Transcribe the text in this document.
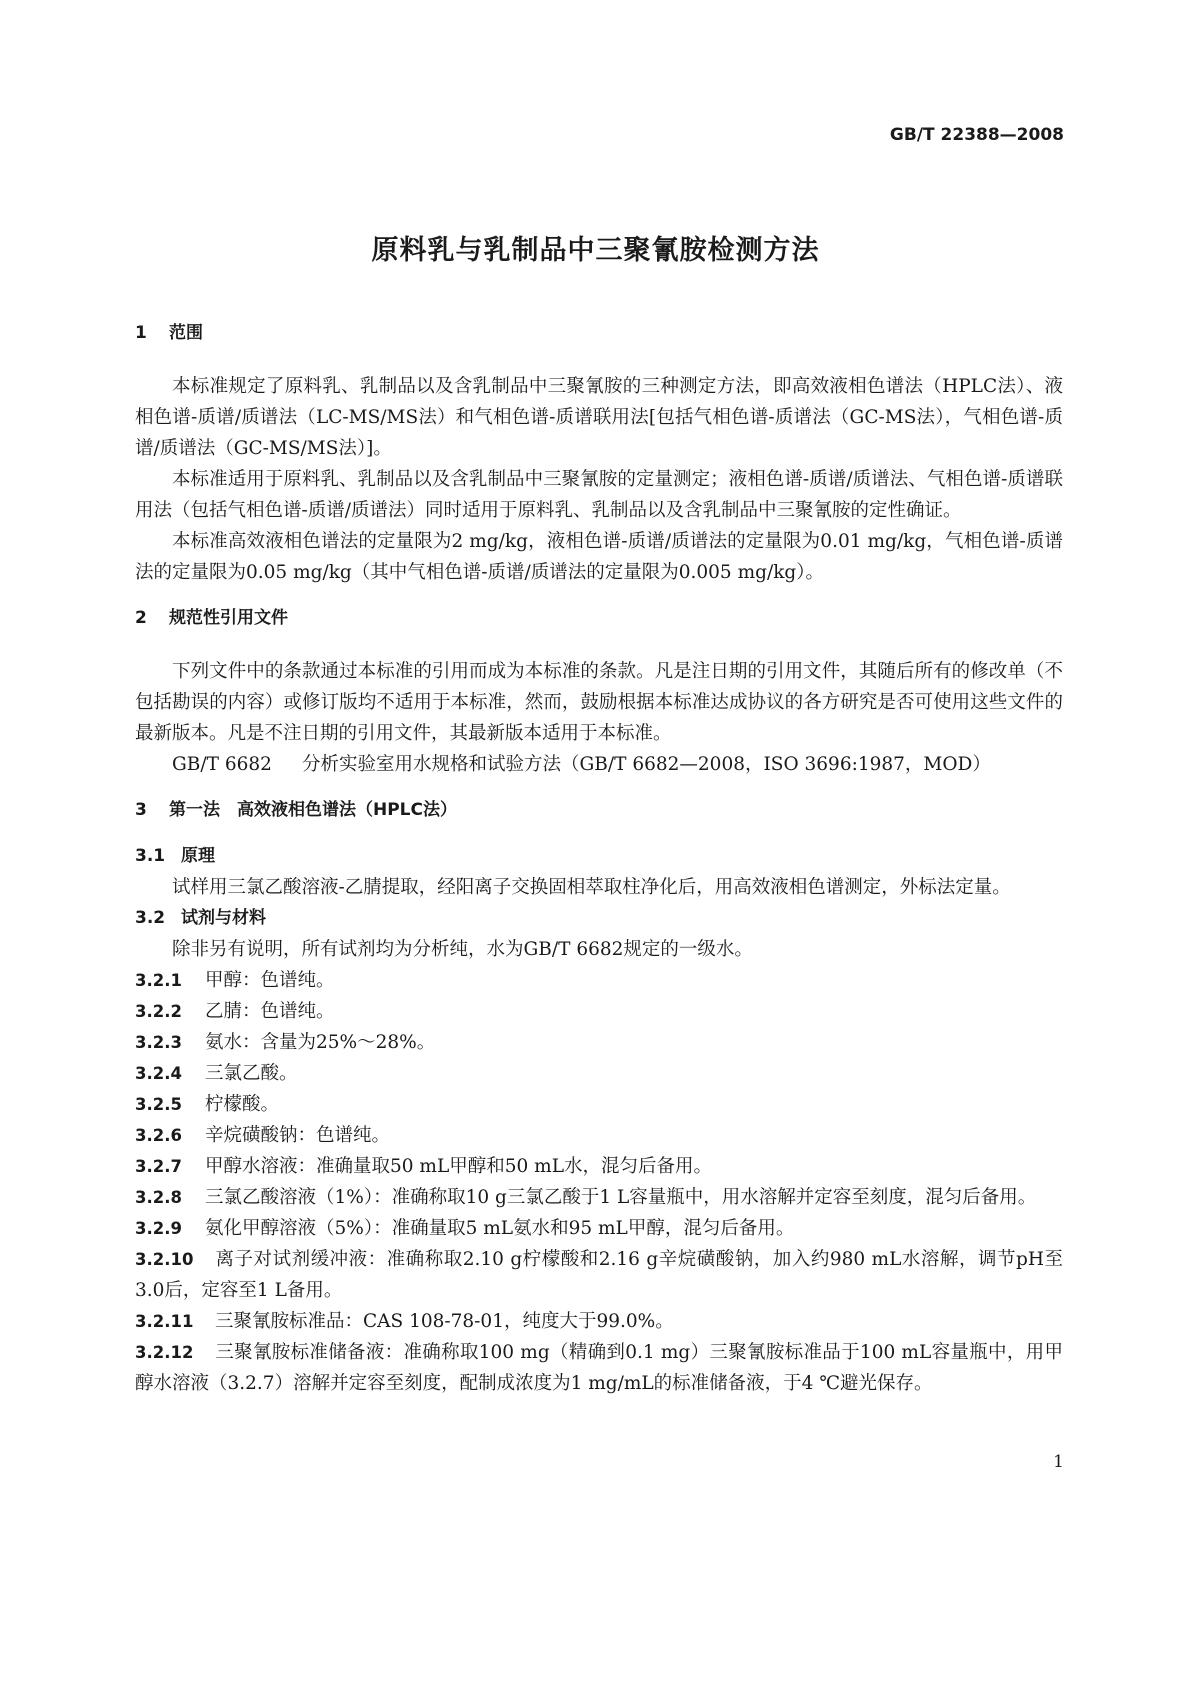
GB/T 22388—2008
原料乳与乳制品中三聚氰胺检测方法

1 范围

本标准规定了原料乳、乳制品以及含乳制品中三聚氰胺的三种测定方法，即高效液相色谱法（HPLC法）、液相色谱-质谱/质谱法（LC-MS/MS法）和气相色谱-质谱联用法[包括气相色谱-质谱法（GC-MS法），气相色谱-质谱/质谱法（GC-MS/MS法）]。

本标准适用于原料乳、乳制品以及含乳制品中三聚氰胺的定量测定；液相色谱-质谱/质谱法、气相色谱-质谱联用法（包括气相色谱-质谱/质谱法）同时适用于原料乳、乳制品以及含乳制品中三聚氰胺的定性确证。

本标准高效液相色谱法的定量限为2 mg/kg，液相色谱-质谱/质谱法的定量限为0.01 mg/kg，气相色谱-质谱法的定量限为0.05 mg/kg（其中气相色谱-质谱/质谱法的定量限为0.005 mg/kg）。

2 规范性引用文件

下列文件中的条款通过本标准的引用而成为本标准的条款。凡是注日期的引用文件，其随后所有的修改单（不包括勘误的内容）或修订版均不适用于本标准，然而，鼓励根据本标准达成协议的各方研究是否可使用这些文件的最新版本。凡是不注日期的引用文件，其最新版本适用于本标准。

GB/T 6682 分析实验室用水规格和试验方法（GB/T 6682—2008，ISO 3696:1987，MOD）

3 第一法　高效液相色谱法（HPLC法）

3.1 原理

试样用三氯乙酸溶液-乙腈提取，经阳离子交换固相萃取柱净化后，用高效液相色谱测定，外标法定量。

3.2 试剂与材料

除非另有说明，所有试剂均为分析纯，水为GB/T 6682规定的一级水。

3.2.1 甲醇：色谱纯。

3.2.2 乙腈：色谱纯。

3.2.3 氨水：含量为25%～28%。

3.2.4 三氯乙酸。

3.2.5 柠檬酸。

3.2.6 辛烷磺酸钠：色谱纯。

3.2.7 甲醇水溶液：准确量取50 mL甲醇和50 mL水，混匀后备用。

3.2.8 三氯乙酸溶液（1%）：准确称取10 g三氯乙酸于1 L容量瓶中，用水溶解并定容至刻度，混匀后备用。

3.2.9 氨化甲醇溶液（5%）：准确量取5 mL氨水和95 mL甲醇，混匀后备用。

3.2.10 离子对试剂缓冲液：准确称取2.10 g柠檬酸和2.16 g辛烷磺酸钠，加入约980 mL水溶解，调节pH至3.0后，定容至1 L备用。

3.2.11 三聚氰胺标准品：CAS 108-78-01，纯度大于99.0%。

3.2.12 三聚氰胺标准储备液：准确称取100 mg（精确到0.1 mg）三聚氰胺标准品于100 mL容量瓶中，用甲醇水溶液（3.2.7）溶解并定容至刻度，配制成浓度为1 mg/mL的标准储备液，于4 ℃避光保存。

1
